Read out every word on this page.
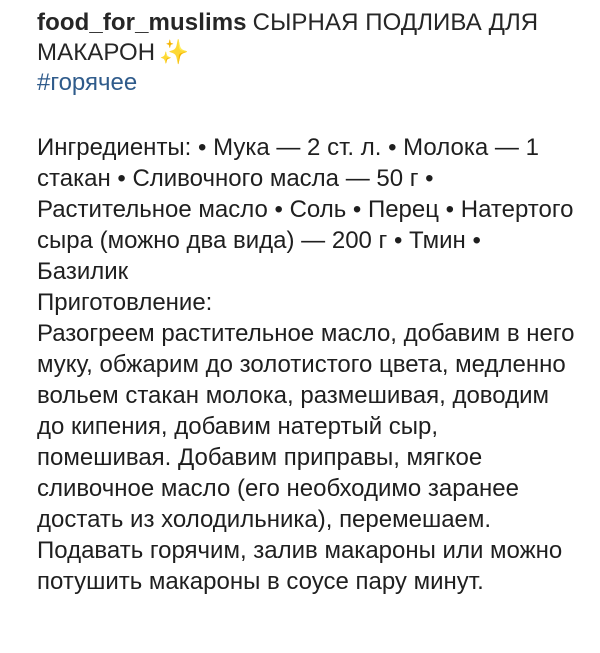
food_for_muslims СЫРНАЯ ПОДЛИВА ДЛЯ МАКАРОН ✨
#горячее
Ингредиенты: • Мука — 2 ст. л. • Молока — 1 стакан • Сливочного масла — 50 г • Растительное масло • Соль • Перец • Натертого сыра (можно два вида) — 200 г • Тмин • Базилик
Приготовление:
Разогреем растительное масло, добавим в него муку, обжарим до золотистого цвета, медленно вольем стакан молока, размешивая, доводим до кипения, добавим натертый сыр, помешивая. Добавим приправы, мягкое сливочное масло (его необходимо заранее достать из холодильника), перемешаем. Подавать горячим, залив макароны или можно потушить макароны в соусе пару минут.
